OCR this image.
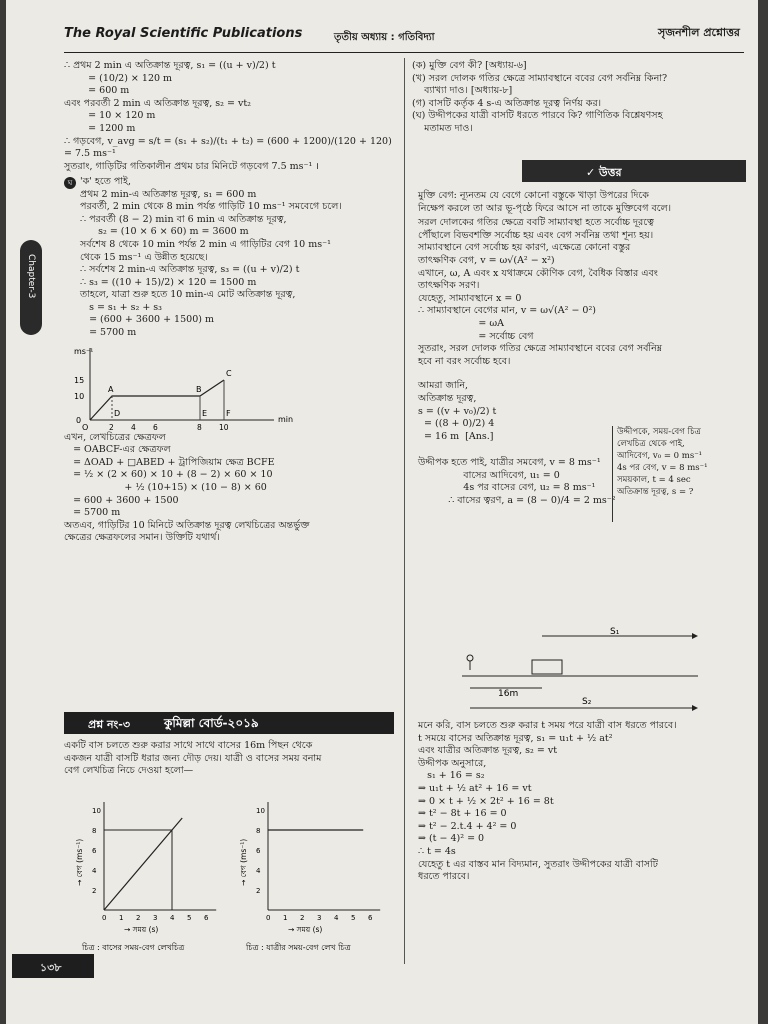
The Royal Scientific Publications	তৃতীয় অধ্যায় : গতিবিদ্যা	সৃজনশীল প্রশ্নোত্তর
Chapter-3

∴ প্রথম 2 min এ অতিক্রান্ত দূরত্ব, s₁ = ((u + v)/2) t

= (10/2) × 120 m

= 600 m

এবং পরবর্তী 2 min এ অতিক্রান্ত দূরত্ব, s₂ = vt₂

= 10 × 120 m

= 1200 m

∴ গড়বেগ, v_avg = s/t = (s₁ + s₂)/(t₁ + t₂) = (600 + 1200)/(120 + 120) = 7.5 ms⁻¹

সুতরাং, গাড়িটির গতিকালীন প্রথম চার মিনিটে গড়বেগ 7.5 ms⁻¹ ।

ঘ 'ক' হতে পাই,

প্রথম 2 min-এ অতিক্রান্ত দূরত্ব, s₁ = 600 m

পরবর্তী, 2 min থেকে 8 min পর্যন্ত গাড়িটি 10 ms⁻¹ সমবেগে চলে।

∴ পরবর্তী (8 − 2) min বা 6 min এ অতিক্রান্ত দূরত্ব,

s₂ = (10 × 6 × 60) m = 3600 m

সর্বশেষ 8 থেকে 10 min পর্যন্ত 2 min এ গাড়িটির বেগ 10 ms⁻¹

থেকে 15 ms⁻¹ এ উন্নীত হয়েছে।

∴ সর্বশেষ 2 min-এ অতিক্রান্ত দূরত্ব, s₃ = ((u + v)/2) t

∴ s₃ = ((10 + 15)/2) × 120 = 1500 m

তাহলে, যাত্রা শুরু হতে 10 min-এ মোট অতিক্রান্ত দূরত্ব,

s = s₁ + s₂ + s₃

= (600 + 3600 + 1500) m

= 5700 m

ms⁻¹
min
15
10
0
2 4 6	8 10
A	B
C
D	E F
O

এখন, লেখচিত্রের ক্ষেত্রফল

= OABCF-এর ক্ষেত্রফল

= ΔOAD + □ABED + ট্রাপিজিয়াম ক্ষেত্র BCFE

= ½ × (2 × 60) × 10 + (8 − 2) × 60 × 10

+ ½ (10+15) × (10 − 8) × 60

= 600 + 3600 + 1500

= 5700 m

অতএব, গাড়িটির 10 মিনিটে অতিক্রান্ত দূরত্ব লেখচিত্রের অন্তর্ভুক্ত

ক্ষেত্রের ক্ষেত্রফলের সমান। উক্তিটি যথার্থ।

প্রশ্ন নং-৩	কুমিল্লা বোর্ড-২০১৯

একটি বাস চলতে শুরু করার সাথে সাথে বাসের 16m পিছন থেকে

একজন যাত্রী বাসটি ধরার জন্য দৌড় দেয়। যাত্রী ও বাসের সময় বনাম

বেগ লেখচিত্র নিচে দেওয়া হলো—

0 1 2 3 4 5 6
2
4
6
8
10
চিত্র : বাসের সময়-বেগ লেখচিত্র
→ সময় (s)
→ বেগ (ms⁻¹)
0 1 2 3 4 5 6
2
4
6
8
10
চিত্র : যাত্রীর সময়-বেগ লেখ চিত্র
→ সময় (s)
→ বেগ (ms⁻¹)

(ক) মুক্তি বেগ কী? [অধ্যায়-৬]

(খ) সরল দোলক গতির ক্ষেত্রে সাম্যাবস্থানে ববের বেগ সর্বনিম্ন কিনা?

ব্যাখ্যা দাও। [অধ্যায়-৮]

(গ) বাসটি কর্তৃক 4 s-এ অতিক্রান্ত দূরত্ব নির্ণয় কর।

(ঘ) উদ্দীপকের যাত্রী বাসটি ধরতে পারবে কি? গাণিতিক বিশ্লেষণসহ

মতামত দাও।

✓ উত্তর

মুক্তি বেগ: ন্যূনতম যে বেগে কোনো বস্তুকে খাড়া উপরের দিকে

নিক্ষেপ করলে তা আর ভূ-পৃষ্ঠে ফিরে আসে না তাকে মুক্তিবেগ বলে।

সরল দোলকের গতির ক্ষেত্রে ববটি সাম্যাবস্থা হতে সর্বোচ্চ দূরত্বে

পৌঁছালে বিভবশক্তি সর্বোচ্চ হয় এবং বেগ সর্বনিম্ন তথা শূন্য হয়।

সাম্যাবস্থানে বেগ সর্বোচ্চ হয় কারণ, এক্ষেত্রে কোনো বস্তুর

তাৎক্ষণিক বেগ, v = ω√(A² − x²)

এখানে, ω, A এবং x যথাক্রমে কৌণিক বেগ, বৈধিক বিস্তার এবং

তাৎক্ষণিক সরণ।

যেহেতু, সাম্যাবস্থানে x = 0

∴ সাম্যাবস্থানে বেগের মান, v = ω√(A² − 0²)

= ωA

= সর্বোচ্চ বেগ

সুতরাং, সরল দোলক গতির ক্ষেত্রে সাম্যাবস্থানে ববের বেগ সর্বনিম্ন

হবে না বরং সর্বোচ্চ হবে।

আমরা জানি,

অতিক্রান্ত দূরত্ব,

s = ((v + v₀)/2) t

= ((8 + 0)/2) 4

= 16 m  [Ans.]

উদ্দীপক হতে পাই, যাত্রীর সমবেগ, v = 8 ms⁻¹

বাসের আদিবেগ, u₁ = 0

4s পর বাসের বেগ, u₂ = 8 ms⁻¹

∴ বাসের ত্বরণ, a = (8 − 0)/4 = 2 ms⁻²

উদ্দীপকে, সময়-বেগ চিত্র

লেখচিত্র থেকে পাই,

আদিবেগ, v₀ = 0 ms⁻¹

4s পর বেগ, v = 8 ms⁻¹

সময়কাল, t = 4 sec

অতিক্রান্ত দূরত্ব, s = ?

S₁
16m
S₂

মনে করি, বাস চলতে শুরু করার t সময় পরে যাত্রী বাস ধরতে পারবে।

t সময়ে বাসের অতিক্রান্ত দূরত্ব, s₁ = u₁t + ½ at²

এবং যাত্রীর অতিক্রান্ত দূরত্ব, s₂ = vt

উদ্দীপক অনুসারে,

s₁ + 16 = s₂

⇒ u₁t + ½ at² + 16 = vt

⇒ 0 × t + ½ × 2t² + 16 = 8t

⇒ t² − 8t + 16 = 0

⇒ t² − 2.t.4 + 4² = 0

⇒ (t − 4)² = 0

∴ t = 4s

যেহেতু t এর বাস্তব মান বিদ্যমান, সুতরাং উদ্দীপকের যাত্রী বাসটি

ধরতে পারবে।

১৩৮
